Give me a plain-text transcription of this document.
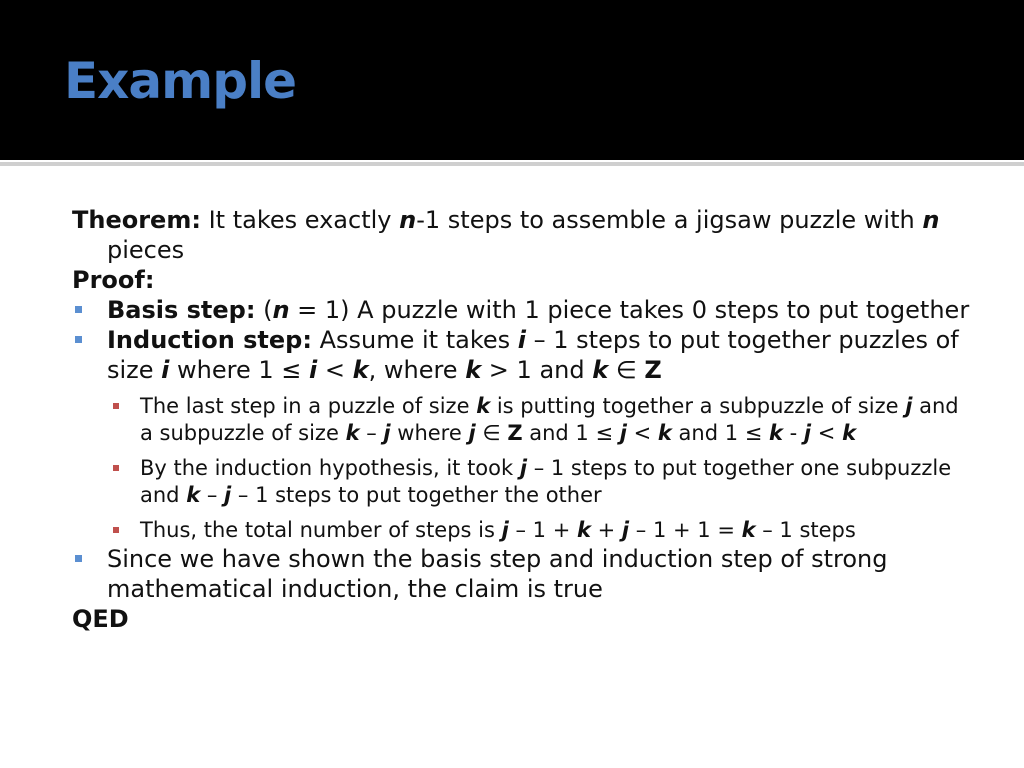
Example

Theorem: It takes exactly n-1 steps to assemble a jigsaw puzzle with n pieces

Proof:

Basis step: (n = 1) A puzzle with 1 piece takes 0 steps to put together

Induction step: Assume it takes i – 1 steps to put together puzzles of size i where 1 ≤ i < k, where k > 1 and k ∈ Z

The last step in a puzzle of size k is putting together a subpuzzle of size j and a subpuzzle of size k – j where j ∈ Z and 1 ≤ j < k and 1 ≤ k - j < k

By the induction hypothesis, it took j – 1 steps to put together one subpuzzle and k – j – 1 steps to put together the other

Thus, the total number of steps is j – 1 + k + j – 1 + 1 = k – 1 steps

Since we have shown the basis step and induction step of strong mathematical induction, the claim is true

QED
